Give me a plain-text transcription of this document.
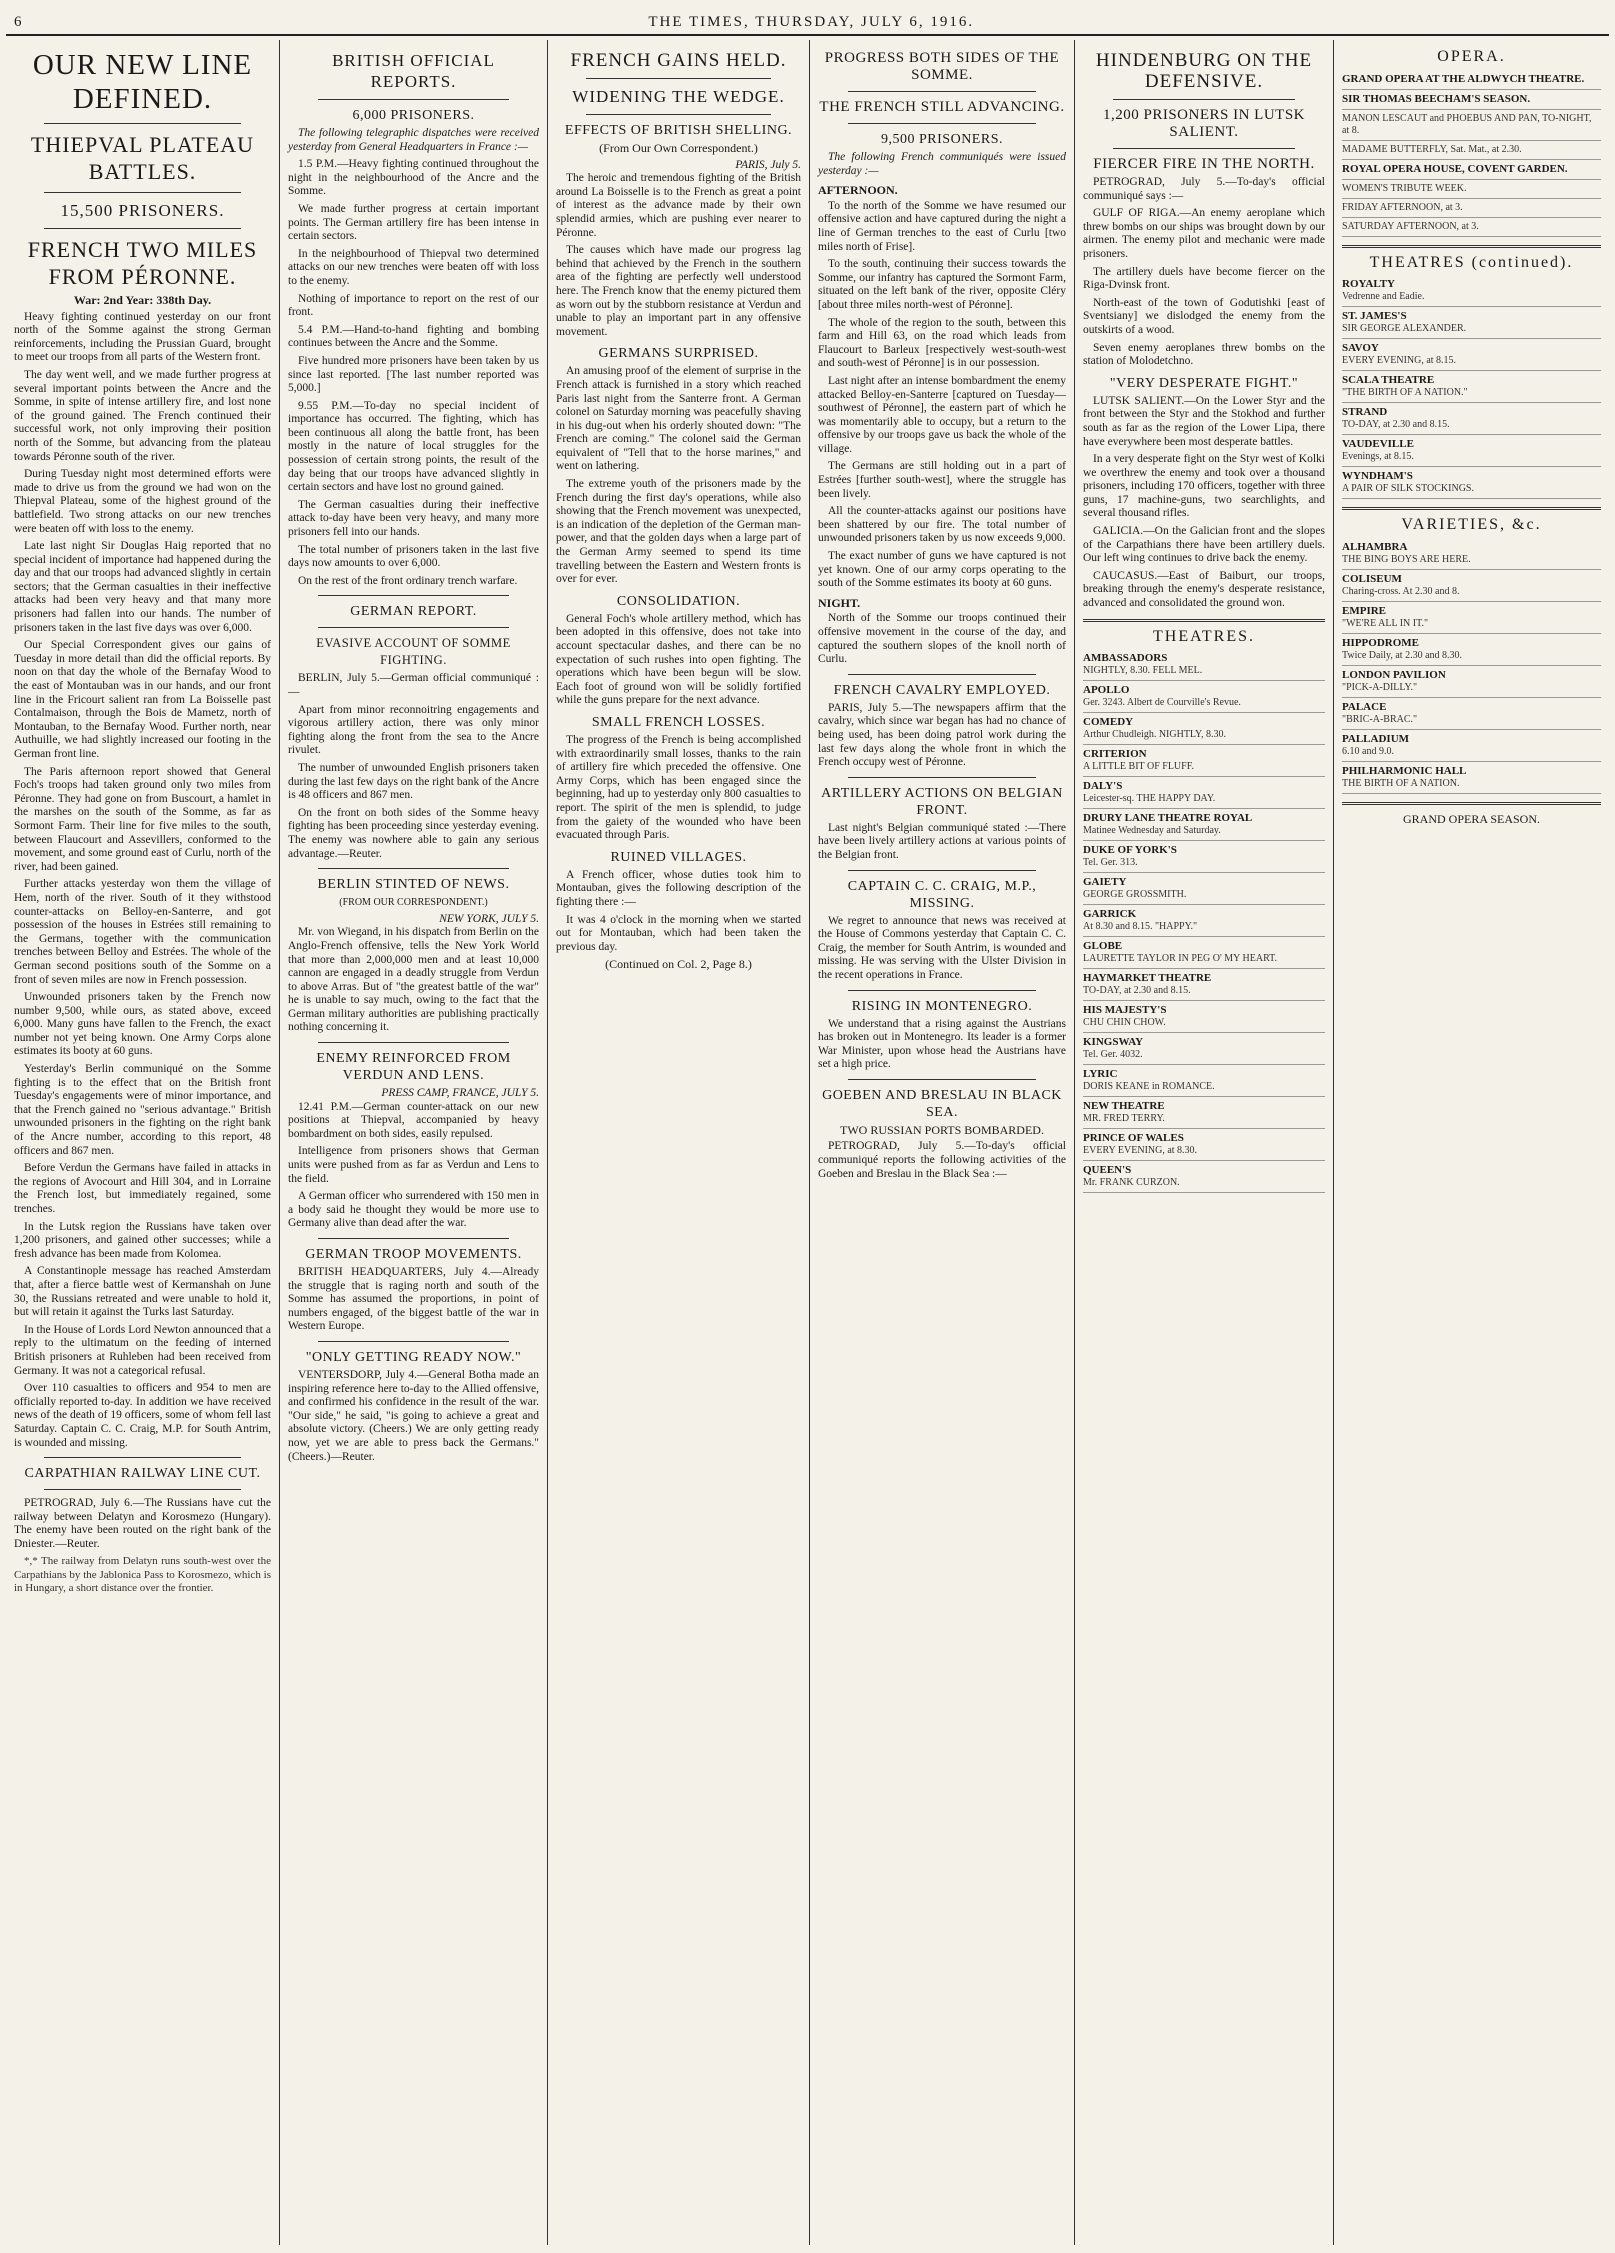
6	THE TIMES, THURSDAY, JULY 6, 1916.
OUR NEW LINE DEFINED.
THIEPVAL PLATEAU BATTLES.
15,500 PRISONERS.
FRENCH TWO MILES FROM PÉRONNE.
War: 2nd Year: 338th Day.

Heavy fighting continued yesterday on our front north of the Somme against the strong German reinforcements, including the Prussian Guard, brought to meet our troops from all parts of the Western front.

The day went well, and we made further progress at several important points between the Ancre and the Somme, in spite of intense artillery fire, and lost none of the ground gained. The French continued their successful work, not only improving their position north of the Somme, but advancing from the plateau towards Péronne south of the river.

During Tuesday night most determined efforts were made to drive us from the ground we had won on the Thiepval Plateau, some of the highest ground of the battlefield. Two strong attacks on our new trenches were beaten off with loss to the enemy.

Late last night Sir Douglas Haig reported that no special incident of importance had happened during the day and that our troops had advanced slightly in certain sectors; that the German casualties in their ineffective attacks had been very heavy and that many more prisoners had fallen into our hands. The number of prisoners taken in the last five days was over 6,000.

Our Special Correspondent gives our gains of Tuesday in more detail than did the official reports. By noon on that day the whole of the Bernafay Wood to the east of Montauban was in our hands, and our front line in the Fricourt salient ran from La Boisselle past Contalmaison, through the Bois de Mametz, north of Montauban, to the Bernafay Wood. Further north, near Authuille, we had slightly increased our footing in the German front line.

The Paris afternoon report showed that General Foch's troops had taken ground only two miles from Péronne. They had gone on from Buscourt, a hamlet in the marshes on the south of the Somme, as far as Sormont Farm. Their line for five miles to the south, between Flaucourt and Assevillers, conformed to the movement, and some ground east of Curlu, north of the river, had been gained.

Further attacks yesterday won them the village of Hem, north of the river. South of it they withstood counter-attacks on Belloy-en-Santerre, and got possession of the houses in Estrées still remaining to the Germans, together with the communication trenches between Belloy and Estrées. The whole of the German second positions south of the Somme on a front of seven miles are now in French possession.

Unwounded prisoners taken by the French now number 9,500, while ours, as stated above, exceed 6,000. Many guns have fallen to the French, the exact number not yet being known. One Army Corps alone estimates its booty at 60 guns.

Yesterday's Berlin communiqué on the Somme fighting is to the effect that on the British front Tuesday's engagements were of minor importance, and that the French gained no "serious advantage." British unwounded prisoners in the fighting on the right bank of the Ancre number, according to this report, 48 officers and 867 men.

Before Verdun the Germans have failed in attacks in the regions of Avocourt and Hill 304, and in Lorraine the French lost, but immediately regained, some trenches.

In the Lutsk region the Russians have taken over 1,200 prisoners, and gained other successes; while a fresh advance has been made from Kolomea.

A Constantinople message has reached Amsterdam that, after a fierce battle west of Kermanshah on June 30, the Russians retreated and were unable to hold it, but will retain it against the Turks last Saturday.

In the House of Lords Lord Newton announced that a reply to the ultimatum on the feeding of interned British prisoners at Ruhleben had been received from Germany. It was not a categorical refusal.

Over 110 casualties to officers and 954 to men are officially reported to-day. In addition we have received news of the death of 19 officers, some of whom fell last Saturday. Captain C. C. Craig, M.P. for South Antrim, is wounded and missing.

CARPATHIAN RAILWAY LINE CUT.

PETROGRAD, July 6.—The Russians have cut the railway between Delatyn and Korosmezo (Hungary). The enemy have been routed on the right bank of the Dniester.—Reuter.

*,* The railway from Delatyn runs south-west over the Carpathians by the Jablonica Pass to Korosmezo, which is in Hungary, a short distance over the frontier.

BRITISH OFFICIAL REPORTS.
6,000 PRISONERS.

The following telegraphic dispatches were received yesterday from General Headquarters in France :—

1.5 P.M.—Heavy fighting continued throughout the night in the neighbourhood of the Ancre and the Somme.

We made further progress at certain important points. The German artillery fire has been intense in certain sectors.

In the neighbourhood of Thiepval two determined attacks on our new trenches were beaten off with loss to the enemy.

Nothing of importance to report on the rest of our front.

5.4 P.M.—Hand-to-hand fighting and bombing continues between the Ancre and the Somme.

Five hundred more prisoners have been taken by us since last reported. [The last number reported was 5,000.]

9.55 P.M.—To-day no special incident of importance has occurred. The fighting, which has been continuous all along the battle front, has been mostly in the nature of local struggles for the possession of certain strong points, the result of the day being that our troops have advanced slightly in certain sectors and have lost no ground gained.

The German casualties during their ineffective attack to-day have been very heavy, and many more prisoners fell into our hands.

The total number of prisoners taken in the last five days now amounts to over 6,000.

On the rest of the front ordinary trench warfare.

GERMAN REPORT.
EVASIVE ACCOUNT OF SOMME FIGHTING.

BERLIN, July 5.—German official communiqué :—

Apart from minor reconnoitring engagements and vigorous artillery action, there was only minor fighting along the front from the sea to the Ancre rivulet.

The number of unwounded English prisoners taken during the last few days on the right bank of the Ancre is 48 officers and 867 men.

On the front on both sides of the Somme heavy fighting has been proceeding since yesterday evening. The enemy was nowhere able to gain any serious advantage.—Reuter.

BERLIN STINTED OF NEWS.
(FROM OUR CORRESPONDENT.)
NEW YORK, JULY 5.

Mr. von Wiegand, in his dispatch from Berlin on the Anglo-French offensive, tells the New York World that more than 2,000,000 men and at least 10,000 cannon are engaged in a deadly struggle from Verdun to above Arras. But of "the greatest battle of the war" he is unable to say much, owing to the fact that the German military authorities are publishing practically nothing concerning it.

ENEMY REINFORCED FROM VERDUN AND LENS.
PRESS CAMP, FRANCE, JULY 5.

12.41 P.M.—German counter-attack on our new positions at Thiepval, accompanied by heavy bombardment on both sides, easily repulsed.

Intelligence from prisoners shows that German units were pushed from as far as Verdun and Lens to the field.

A German officer who surrendered with 150 men in a body said he thought they would be more use to Germany alive than dead after the war.

GERMAN TROOP MOVEMENTS.

BRITISH HEADQUARTERS, July 4.—Already the struggle that is raging north and south of the Somme has assumed the proportions, in point of numbers engaged, of the biggest battle of the war in Western Europe.

"ONLY GETTING READY NOW."

VENTERSDORP, July 4.—General Botha made an inspiring reference here to-day to the Allied offensive, and confirmed his confidence in the result of the war. "Our side," he said, "is going to achieve a great and absolute victory. (Cheers.) We are only getting ready now, yet we are able to press back the Germans." (Cheers.)—Reuter.

FRENCH GAINS HELD.
WIDENING THE WEDGE.
EFFECTS OF BRITISH SHELLING.
(From Our Own Correspondent.)
PARIS, July 5.

The heroic and tremendous fighting of the British around La Boisselle is to the French as great a point of interest as the advance made by their own splendid armies, which are pushing ever nearer to Péronne.

The causes which have made our progress lag behind that achieved by the French in the southern area of the fighting are perfectly well understood here. The French know that the enemy pictured them as worn out by the stubborn resistance at Verdun and unable to play an important part in any offensive movement.

GERMANS SURPRISED.

An amusing proof of the element of surprise in the French attack is furnished in a story which reached Paris last night from the Santerre front. A German colonel on Saturday morning was peacefully shaving in his dug-out when his orderly shouted down: "The French are coming." The colonel said the German equivalent of "Tell that to the horse marines," and went on lathering.

The extreme youth of the prisoners made by the French during the first day's operations, while also showing that the French movement was unexpected, is an indication of the depletion of the German man-power, and that the golden days when a large part of the German Army seemed to spend its time travelling between the Eastern and Western fronts is over for ever.

CONSOLIDATION.

General Foch's whole artillery method, which has been adopted in this offensive, does not take into account spectacular dashes, and there can be no expectation of such rushes into open fighting. The operations which have been begun will be slow. Each foot of ground won will be solidly fortified while the guns prepare for the next advance.

SMALL FRENCH LOSSES.

The progress of the French is being accomplished with extraordinarily small losses, thanks to the rain of artillery fire which preceded the offensive. One Army Corps, which has been engaged since the beginning, had up to yesterday only 800 casualties to report. The spirit of the men is splendid, to judge from the gaiety of the wounded who have been evacuated through Paris.

RUINED VILLAGES.

A French officer, whose duties took him to Montauban, gives the following description of the fighting there :—

It was 4 o'clock in the morning when we started out for Montauban, which had been taken the previous day.

(Continued on Col. 2, Page 8.)
PROGRESS BOTH SIDES OF THE SOMME.
THE FRENCH STILL ADVANCING.
9,500 PRISONERS.

The following French communiqués were issued yesterday :—

AFTERNOON.

To the north of the Somme we have resumed our offensive action and have captured during the night a line of German trenches to the east of Curlu [two miles north of Frise].

To the south, continuing their success towards the Somme, our infantry has captured the Sormont Farm, situated on the left bank of the river, opposite Cléry [about three miles north-west of Péronne].

The whole of the region to the south, between this farm and Hill 63, on the road which leads from Flaucourt to Barleux [respectively west-south-west and south-west of Péronne] is in our possession.

Last night after an intense bombardment the enemy attacked Belloy-en-Santerre [captured on Tuesday—southwest of Péronne], the eastern part of which he was momentarily able to occupy, but a return to the offensive by our troops gave us back the whole of the village.

The Germans are still holding out in a part of Estrées [further south-west], where the struggle has been lively.

All the counter-attacks against our positions have been shattered by our fire. The total number of unwounded prisoners taken by us now exceeds 9,000.

The exact number of guns we have captured is not yet known. One of our army corps operating to the south of the Somme estimates its booty at 60 guns.

NIGHT.

North of the Somme our troops continued their offensive movement in the course of the day, and captured the southern slopes of the knoll north of Curlu.

FRENCH CAVALRY EMPLOYED.

PARIS, July 5.—The newspapers affirm that the cavalry, which since war began has had no chance of being used, has been doing patrol work during the last few days along the whole front in which the French occupy west of Péronne.

ARTILLERY ACTIONS ON BELGIAN FRONT.

Last night's Belgian communiqué stated :—There have been lively artillery actions at various points of the Belgian front.

CAPTAIN C. C. CRAIG, M.P., MISSING.

We regret to announce that news was received at the House of Commons yesterday that Captain C. C. Craig, the member for South Antrim, is wounded and missing. He was serving with the Ulster Division in the recent operations in France.

RISING IN MONTENEGRO.

We understand that a rising against the Austrians has broken out in Montenegro. Its leader is a former War Minister, upon whose head the Austrians have set a high price.

GOEBEN AND BRESLAU IN BLACK SEA.
TWO RUSSIAN PORTS BOMBARDED.

PETROGRAD, July 5.—To-day's official communiqué reports the following activities of the Goeben and Breslau in the Black Sea :—

HINDENBURG ON THE DEFENSIVE.
1,200 PRISONERS IN LUTSK SALIENT.
FIERCER FIRE IN THE NORTH.

PETROGRAD, July 5.—To-day's official communiqué says :—

GULF OF RIGA.—An enemy aeroplane which threw bombs on our ships was brought down by our airmen. The enemy pilot and mechanic were made prisoners.

The artillery duels have become fiercer on the Riga-Dvinsk front.

North-east of the town of Godutishki [east of Sventsiany] we dislodged the enemy from the outskirts of a wood.

Seven enemy aeroplanes threw bombs on the station of Molodetchno.

"VERY DESPERATE FIGHT."

LUTSK SALIENT.—On the Lower Styr and the front between the Styr and the Stokhod and further south as far as the region of the Lower Lipa, there have everywhere been most desperate battles.

In a very desperate fight on the Styr west of Kolki we overthrew the enemy and took over a thousand prisoners, including 170 officers, together with three guns, 17 machine-guns, two searchlights, and several thousand rifles.

GALICIA.—On the Galician front and the slopes of the Carpathians there have been artillery duels. Our left wing continues to drive back the enemy.

CAUCASUS.—East of Baiburt, our troops, breaking through the enemy's desperate resistance, advanced and consolidated the ground won.

THEATRES.
AMBASSADORS
NIGHTLY, 8.30. FELL MEL.
APOLLO
Ger. 3243. Albert de Courville's Revue.
COMEDY
Arthur Chudleigh. NIGHTLY, 8.30.
CRITERION
A LITTLE BIT OF FLUFF.
DALY'S
Leicester-sq. THE HAPPY DAY.
DRURY LANE THEATRE ROYAL
Matinee Wednesday and Saturday.
DUKE OF YORK'S
Tel. Ger. 313.
GAIETY
GEORGE GROSSMITH.
GARRICK
At 8.30 and 8.15. "HAPPY."
GLOBE
LAURETTE TAYLOR IN PEG O' MY HEART.
HAYMARKET THEATRE
TO-DAY, at 2.30 and 8.15.
HIS MAJESTY'S
CHU CHIN CHOW.
KINGSWAY
Tel. Ger. 4032.
LYRIC
DORIS KEANE in ROMANCE.
NEW THEATRE
MR. FRED TERRY.
PRINCE OF WALES
EVERY EVENING, at 8.30.
QUEEN'S
Mr. FRANK CURZON.
OPERA.
GRAND OPERA AT THE ALDWYCH THEATRE.
SIR THOMAS BEECHAM'S SEASON.
MANON LESCAUT and PHOEBUS AND PAN, TO-NIGHT, at 8.
MADAME BUTTERFLY, Sat. Mat., at 2.30.
ROYAL OPERA HOUSE, COVENT GARDEN.
WOMEN'S TRIBUTE WEEK.
FRIDAY AFTERNOON, at 3.
SATURDAY AFTERNOON, at 3.
THEATRES (continued).
ROYALTY
Vedrenne and Eadie.
ST. JAMES'S
SIR GEORGE ALEXANDER.
SAVOY
EVERY EVENING, at 8.15.
SCALA THEATRE
"THE BIRTH OF A NATION."
STRAND
TO-DAY, at 2.30 and 8.15.
VAUDEVILLE
Evenings, at 8.15.
WYNDHAM'S
A PAIR OF SILK STOCKINGS.
VARIETIES, &c.
ALHAMBRA
THE BING BOYS ARE HERE.
COLISEUM
Charing-cross. At 2.30 and 8.
EMPIRE
"WE'RE ALL IN IT."
HIPPODROME
Twice Daily, at 2.30 and 8.30.
LONDON PAVILION
"PICK-A-DILLY."
PALACE
"BRIC-A-BRAC."
PALLADIUM
6.10 and 9.0.
PHILHARMONIC HALL
THE BIRTH OF A NATION.
GRAND OPERA SEASON.
